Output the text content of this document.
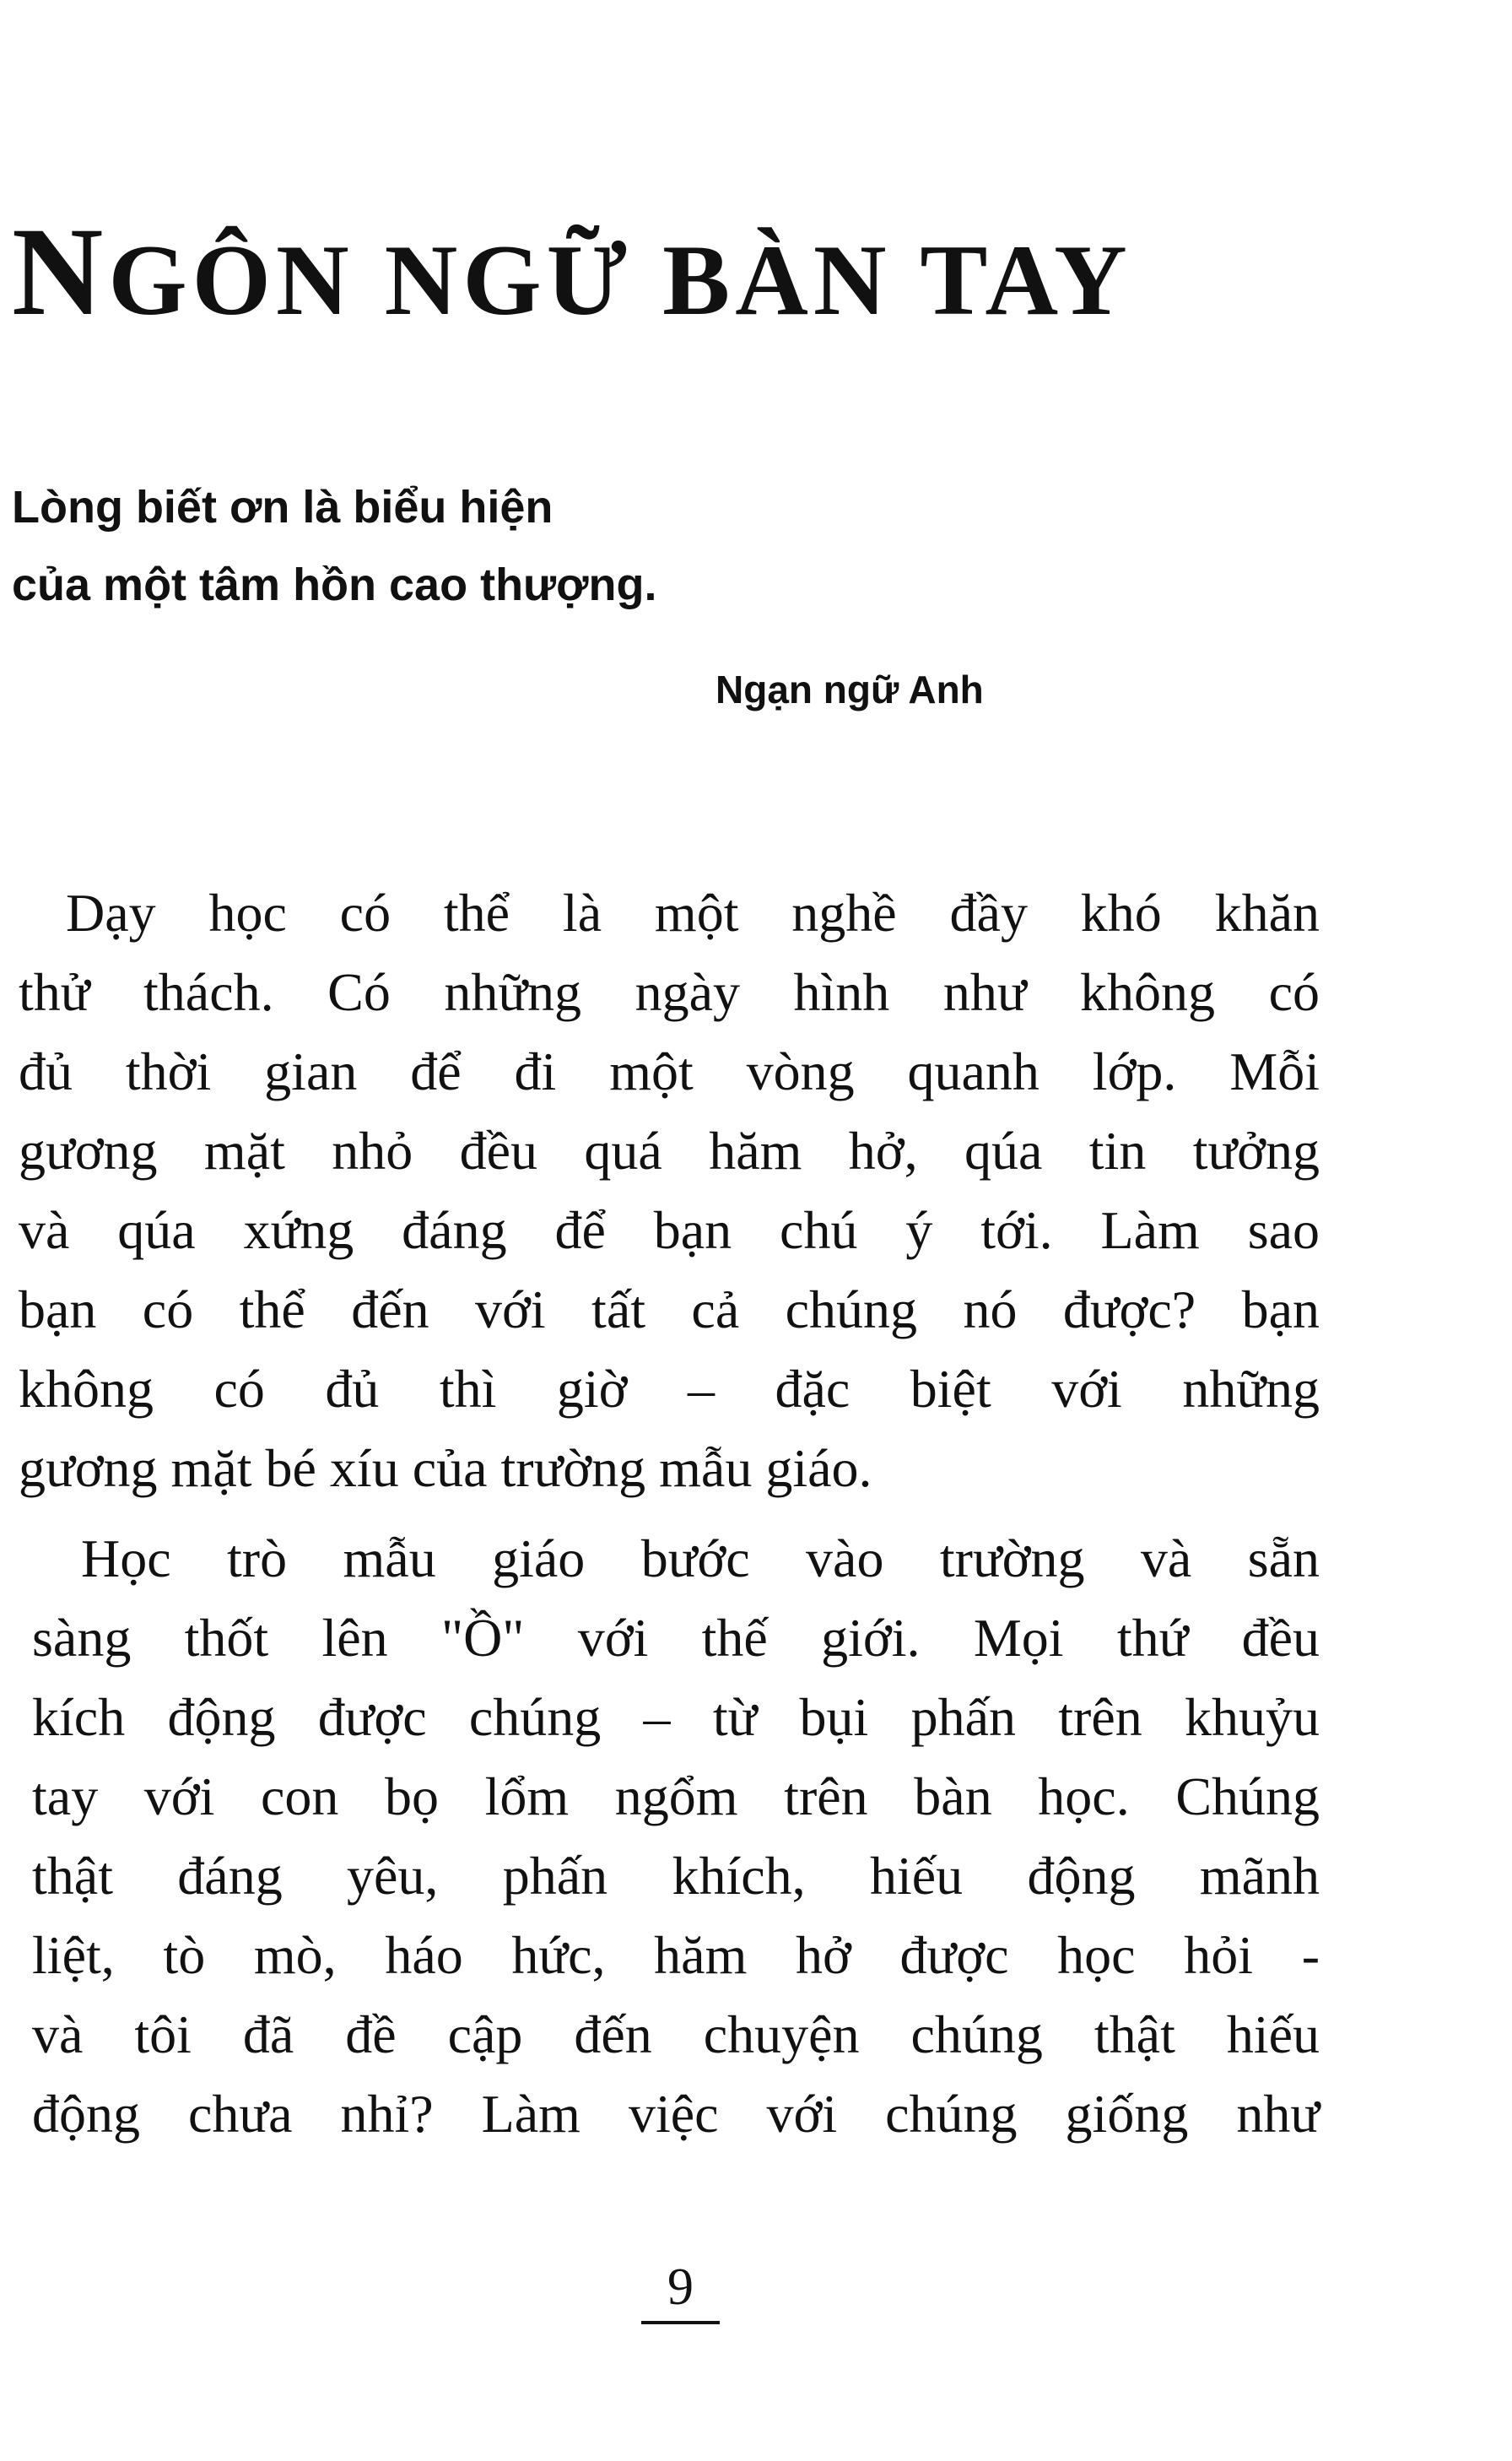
NGÔN NGỮ BÀN TAY
Lòng biết ơn là biểu hiện
của một tâm hồn cao thượng.
Ngạn ngữ Anh
Dạy học có thể là một nghề đầy khó khăn
thử thách. Có những ngày hình như không có
đủ thời gian để đi một vòng quanh lớp. Mỗi
gương mặt nhỏ đều quá hăm hở, qúa tin tưởng
và qúa xứng đáng để bạn chú ý tới. Làm sao
bạn có thể đến với tất cả chúng nó được? bạn
không có đủ thì giờ – đặc biệt với những
gương mặt bé xíu của trường mẫu giáo.
Học trò mẫu giáo bước vào trường và sẵn
sàng thốt lên "Ồ" với thế giới. Mọi thứ đều
kích động được chúng – từ bụi phấn trên khuỷu
tay với con bọ lổm ngổm trên bàn học. Chúng
thật đáng yêu, phấn khích, hiếu động mãnh
liệt, tò mò, háo hức, hăm hở được học hỏi -
và tôi đã đề cập đến chuyện chúng thật hiếu
động chưa nhỉ? Làm việc với chúng giống như
9
